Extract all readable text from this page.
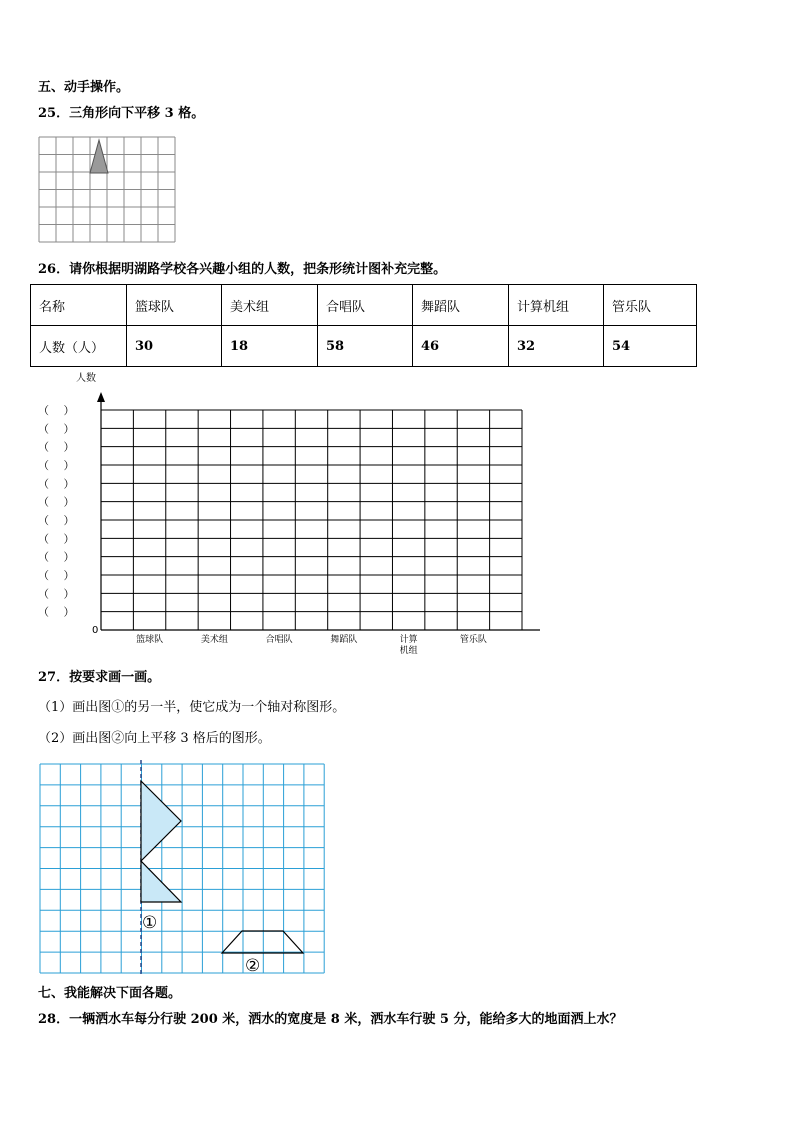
五、动手操作。
25．三角形向下平移 3 格。
26．请你根据明湖路学校各兴趣小组的人数，把条形统计图补充完整。
名称	篮球队	美术组	合唱队	舞蹈队	计算机组	管乐队
人数（人）	30	18	58	46	32	54
人数
0
（　 ）
（　 ）
（　 ）
（　 ）
（　 ）
（　 ）
（　 ）
（　 ）
（　 ）
（　 ）
（　 ）
（　 ）
篮球队	美术组	合唱队	舞蹈队	计算
机组
管乐队
27．按要求画一画。
（1）画出图①的另一半，使它成为一个轴对称图形。
（2）画出图②向上平移 3 格后的图形。
①
②
七、我能解决下面各题。
28．一辆洒水车每分行驶 200 米，洒水的宽度是 8 米，洒水车行驶 5 分，能给多大的地面洒上水？
